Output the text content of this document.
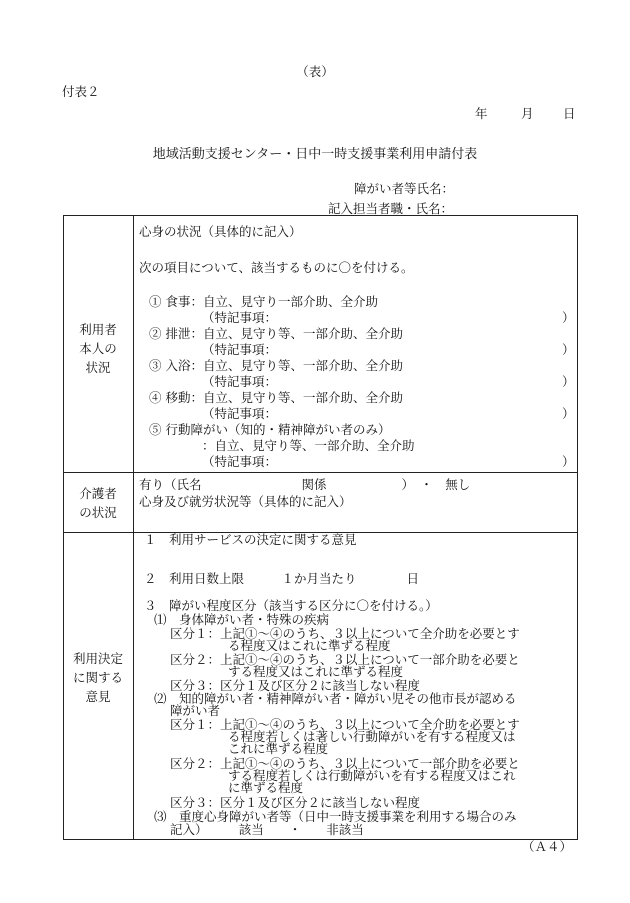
（表）
付表２
年	月 日
地域活動支援センター・日中一時支援事業利用申請付表
障がい者等氏名：
記入担当者職・氏名：
利用者
本人の
状況
心身の状況（具体的に記入）
次の項目について、該当するものに〇を付ける。
① 食事：自立、見守り一部介助、全介助
（特記事項：	）
② 排泄：自立、見守り等、一部介助、全介助
（特記事項：	）
③ 入浴：自立、見守り等、一部介助、全介助
（特記事項：	）
④ 移動：自立、見守り等、一部介助、全介助
（特記事項：	）
⑤ 行動障がい（知的・精神障がい者のみ）
：自立、見守り等、一部介助、全介助
（特記事項：	）
介護者
の状況
有り（氏名　　　　　　　　関係　　　　　　）　・　無し
心身及び就労状況等（具体的に記入）
利用決定
に関する
意見
１　利用サービスの決定に関する意見
２　利用日数上限　　　１か月当たり　　　　日
３　障がい程度区分（該当する区分に〇を付ける。）
⑴　身体障がい者・特殊の疾病
区分１：上記①～④のうち、３以上について全介助を必要とす
る程度又はこれに準ずる程度
区分２：上記①～④のうち、３以上について一部介助を必要と
する程度又はこれに準ずる程度
区分３：区分１及び区分２に該当しない程度
⑵　知的障がい者・精神障がい者・障がい児その他市長が認める
障がい者
区分１：上記①～④のうち、３以上について全介助を必要とす
る程度若しくは著しい行動障がいを有する程度又は
これに準ずる程度
区分２：上記①～④のうち、３以上について一部介助を必要と
する程度若しくは行動障がいを有する程度又はこれ
に準ずる程度
区分３：区分１及び区分２に該当しない程度
⑶　重度心身障がい者等（日中一時支援事業を利用する場合のみ
記入）　　　該当　　・　　非該当
（Ａ４）
